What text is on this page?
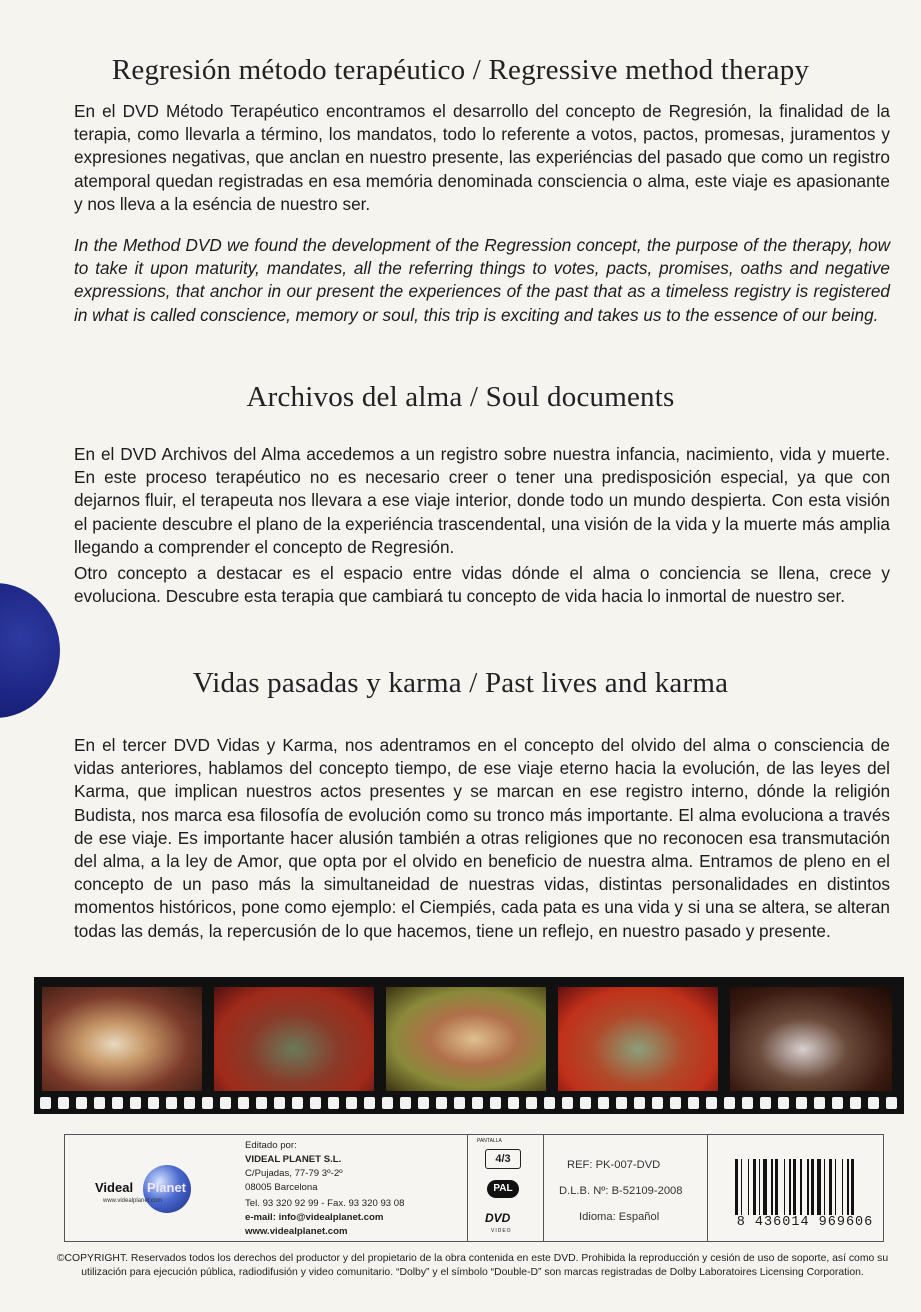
Regresión método terapéutico / Regressive method therapy

En el DVD Método Terapéutico encontramos el desarrollo del concepto de Regresión, la finalidad de la terapia, como llevarla a término, los mandatos, todo lo referente a votos, pactos, promesas, juramentos y expresiones negativas, que anclan en nuestro presente, las experiéncias del pasado que como un registro atemporal quedan registradas en esa memória denominada consciencia o alma, este viaje es apasionante y nos lleva a la eséncia de nuestro ser.

In the Method DVD we found the development of the Regression concept, the purpose of the therapy, how to take it upon maturity, mandates, all the referring things to votes, pacts, promises, oaths and negative expressions, that anchor in our present the experiences of the past that as a timeless registry is registered in what is called conscience, memory or soul, this trip is exciting and takes us to the essence of our being.

Archivos del alma / Soul documents

En el DVD Archivos del Alma accedemos a un registro sobre nuestra infancia, nacimiento, vida y muerte. En este proceso terapéutico no es necesario creer o tener una predisposición especial, ya que con dejarnos fluir, el terapeuta nos llevara a ese viaje interior, donde todo un mundo despierta. Con esta visión el paciente descubre el plano de la experiéncia trascendental, una visión de la vida y la muerte más amplia llegando a comprender el concepto de Regresión.

Otro concepto a destacar es el espacio entre vidas dónde el alma o conciencia se llena, crece y evoluciona. Descubre esta terapia que cambiará tu concepto de vida hacia lo inmortal de nuestro ser.

Vidas pasadas y karma / Past lives and karma

En el tercer DVD Vidas y Karma, nos adentramos en el concepto del olvido del alma o consciencia de vidas anteriores, hablamos del concepto tiempo, de ese viaje eterno hacia la evolución, de las leyes del Karma, que implican nuestros actos presentes y se marcan en ese registro interno, dónde la religión Budista, nos marca esa filosofía de evolución como su tronco más importante. El alma evoluciona a través de ese viaje. Es importante hacer alusión también a otras religiones que no reconocen esa transmutación del alma, a la ley de Amor, que opta por el olvido en beneficio de nuestra alma. Entramos de pleno en el concepto de un paso más la simultaneidad de nuestras vidas, distintas personalidades en distintos momentos históricos, pone como ejemplo: el Ciempiés, cada pata es una vida y si una se altera, se alteran todas las demás, la repercusión de lo que hacemos, tiene un reflejo, en nuestro pasado y presente.

Videal Planet
www.videalplanet.com
Editado por:
VIDEAL PLANET S.L.
C/Pujadas, 77-79 3º-2º
08005 Barcelona
Tel. 93 320 92 99 - Fax. 93 320 93 08
e-mail: info@videalplanet.com
www.videalplanet.com
PANTALLA
4/3
PAL
DVD
VIDEO
REF: PK-007-DVD
D.L.B. Nº: B-52109-2008
Idioma: Español	8 436014 969606

©COPYRIGHT. Reservados todos los derechos del productor y del propietario de la obra contenida en este DVD. Prohibida la reproducción y cesión de uso de soporte, así como su utilización para ejecución pública, radiodifusión y video comunitario. “Dolby” y el símbolo “Double-D” son marcas registradas de Dolby Laboratoires Licensing Corporation.
